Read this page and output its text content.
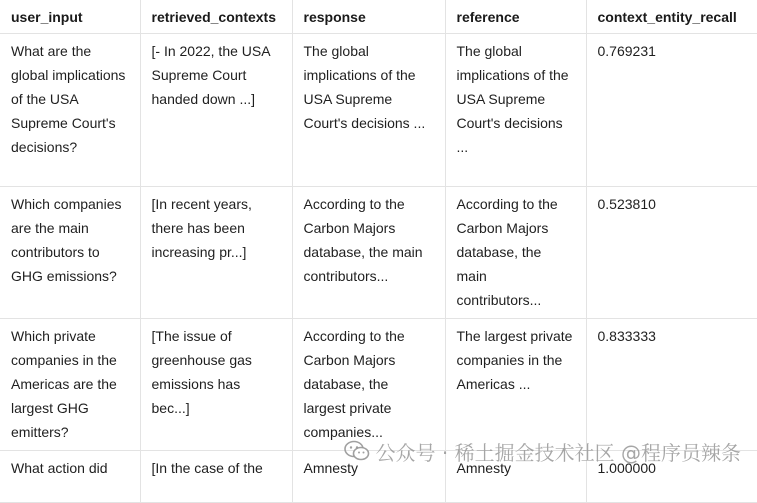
user_input	retrieved_contexts	response	reference	context_entity_recall
What are the global implications of the USA Supreme Court's decisions?	[- In 2022, the USA Supreme Court handed down ...]	The global implications of the USA Supreme Court's decisions ...	The global implications of the USA Supreme Court's decisions ...	0.769231
Which companies are the main contributors to GHG emissions?	[In recent years, there has been increasing pr...]	According to the Carbon Majors database, the main contributors...	According to the Carbon Majors database, the main contributors...	0.523810
Which private companies in the Americas are the largest GHG emitters?	[The issue of greenhouse gas emissions has bec...]	According to the Carbon Majors database, the largest private companies...	The largest private companies in the Americas ...	0.833333
What action did	[In the case of the	Amnesty	Amnesty	1.000000
公众号 · 稀土掘金技术社区 @程序员辣条
